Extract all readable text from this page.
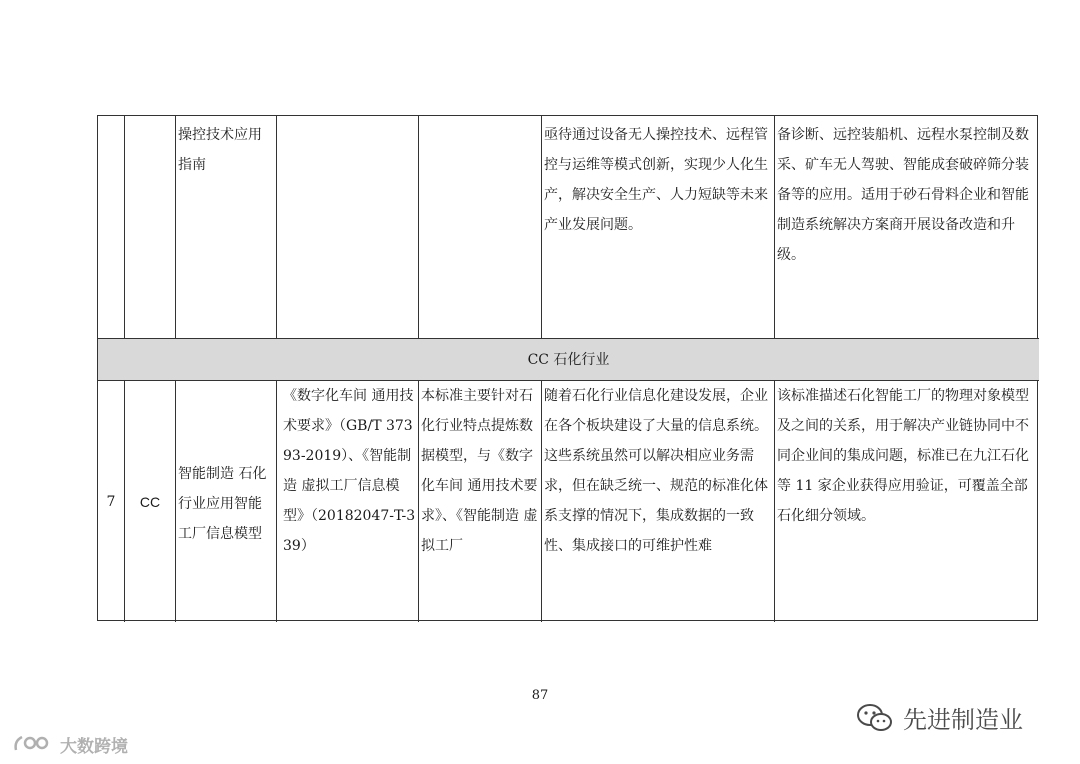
操控技术应用指南
亟待通过设备无人操控技术、远程管控与运维等模式创新，实现少人化生产，解决安全生产、人力短缺等未来产业发展问题。
备诊断、远控装船机、远程水泵控制及数采、矿车无人驾驶、智能成套破碎筛分装备等的应用。适用于砂石骨料企业和智能制造系统解决方案商开展设备改造和升级。
CC 石化行业
7	CC
智能制造 石化行业应用智能工厂信息模型
《数字化车间 通用技术要求》（GB/T 37393-2019）、《智能制造 虚拟工厂信息模型》（20182047-T-339）
本标准主要针对石化行业特点提炼数据模型，与《数字化车间 通用技术要求》、《智能制造 虚拟工厂
随着石化行业信息化建设发展，企业在各个板块建设了大量的信息系统。这些系统虽然可以解决相应业务需求，但在缺乏统一、规范的标准化体系支撑的情况下，集成数据的一致性、集成接口的可维护性难
该标准描述石化智能工厂的物理对象模型及之间的关系，用于解决产业链协同中不同企业间的集成问题，标准已在九江石化等 11 家企业获得应用验证，可覆盖全部石化细分领域。
87
大数跨境
先进制造业
